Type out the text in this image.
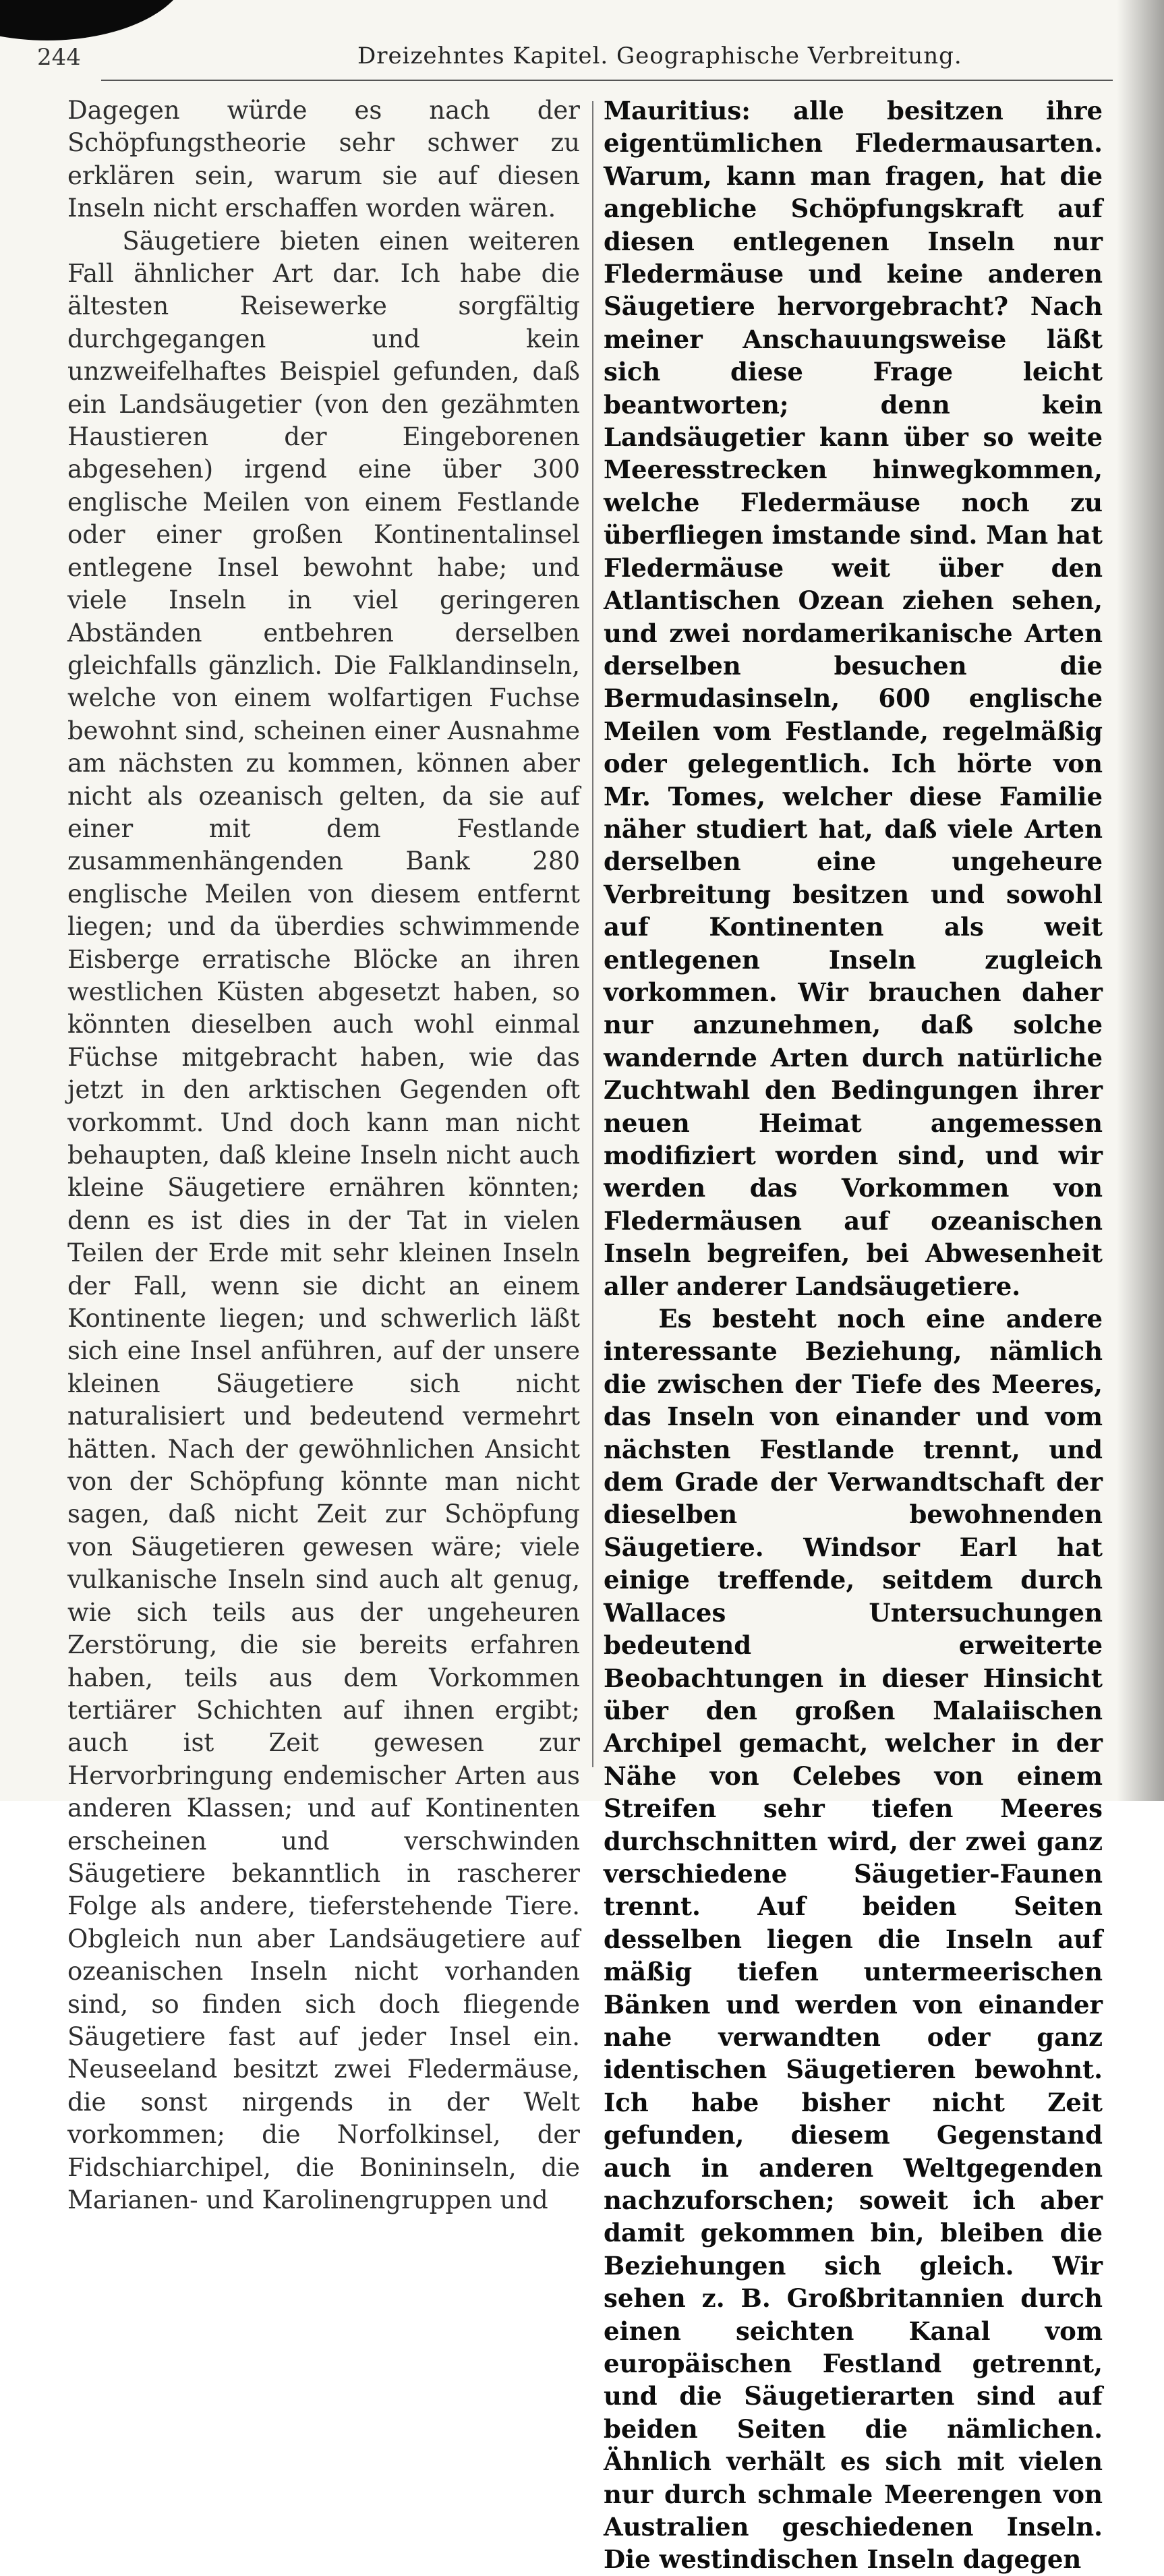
244	Dreizehntes Kapitel. Geographische Verbreitung.

Dagegen würde es nach der Schöpfungstheorie sehr schwer zu erklären sein, warum sie auf diesen Inseln nicht erschaffen worden wären.

Säugetiere bieten einen weiteren Fall ähnlicher Art dar. Ich habe die ältesten Reisewerke sorgfältig durchgegangen und kein unzweifelhaftes Beispiel gefunden, daß ein Landsäugetier (von den gezähmten Haustieren der Eingeborenen abgesehen) irgend eine über 300 englische Meilen von einem Festlande oder einer großen Kontinentalinsel entlegene Insel bewohnt habe; und viele Inseln in viel geringeren Abständen entbehren derselben gleichfalls gänzlich. Die Falklandinseln, welche von einem wolfartigen Fuchse bewohnt sind, scheinen einer Ausnahme am nächsten zu kommen, können aber nicht als ozeanisch gelten, da sie auf einer mit dem Festlande zusammenhängenden Bank 280 englische Meilen von diesem entfernt liegen; und da überdies schwimmende Eisberge erratische Blöcke an ihren westlichen Küsten abgesetzt haben, so könnten dieselben auch wohl einmal Füchse mitgebracht haben, wie das jetzt in den arktischen Gegenden oft vorkommt. Und doch kann man nicht behaupten, daß kleine Inseln nicht auch kleine Säugetiere ernähren könnten; denn es ist dies in der Tat in vielen Teilen der Erde mit sehr kleinen Inseln der Fall, wenn sie dicht an einem Kontinente liegen; und schwerlich läßt sich eine Insel anführen, auf der unsere kleinen Säugetiere sich nicht naturalisiert und bedeutend vermehrt hätten. Nach der gewöhnlichen Ansicht von der Schöpfung könnte man nicht sagen, daß nicht Zeit zur Schöpfung von Säugetieren gewesen wäre; viele vulkanische Inseln sind auch alt genug, wie sich teils aus der ungeheuren Zerstörung, die sie bereits erfahren haben, teils aus dem Vorkommen tertiärer Schichten auf ihnen ergibt; auch ist Zeit gewesen zur Hervorbringung endemischer Arten aus anderen Klassen; und auf Kontinenten erscheinen und verschwinden Säugetiere bekanntlich in rascherer Folge als andere, tieferstehende Tiere. Obgleich nun aber Landsäugetiere auf ozeanischen Inseln nicht vorhanden sind, so finden sich doch fliegende Säugetiere fast auf jeder Insel ein. Neuseeland besitzt zwei Fledermäuse, die sonst nirgends in der Welt vorkommen; die Norfolkinsel, der Fidschiarchipel, die Bonininseln, die Marianen- und Karolinengruppen und

Mauritius: alle besitzen ihre eigentümlichen Fledermausarten. Warum, kann man fragen, hat die angebliche Schöpfungskraft auf diesen entlegenen Inseln nur Fledermäuse und keine anderen Säugetiere hervorgebracht? Nach meiner Anschauungsweise läßt sich diese Frage leicht beantworten; denn kein Landsäugetier kann über so weite Meeresstrecken hinwegkommen, welche Fledermäuse noch zu überfliegen imstande sind. Man hat Fledermäuse weit über den Atlantischen Ozean ziehen sehen, und zwei nordamerikanische Arten derselben besuchen die Bermudasinseln, 600 englische Meilen vom Festlande, regelmäßig oder gelegentlich. Ich hörte von Mr. Tomes, welcher diese Familie näher studiert hat, daß viele Arten derselben eine ungeheure Verbreitung besitzen und sowohl auf Kontinenten als weit entlegenen Inseln zugleich vorkommen. Wir brauchen daher nur anzunehmen, daß solche wandernde Arten durch natürliche Zuchtwahl den Bedingungen ihrer neuen Heimat angemessen modifiziert worden sind, und wir werden das Vorkommen von Fledermäusen auf ozeanischen Inseln begreifen, bei Abwesenheit aller anderer Landsäugetiere.

Es besteht noch eine andere interessante Beziehung, nämlich die zwischen der Tiefe des Meeres, das Inseln von einander und vom nächsten Festlande trennt, und dem Grade der Verwandtschaft der dieselben bewohnenden Säugetiere. Windsor Earl hat einige treffende, seitdem durch Wallaces Untersuchungen bedeutend erweiterte Beobachtungen in dieser Hinsicht über den großen Malaiischen Archipel gemacht, welcher in der Nähe von Celebes von einem Streifen sehr tiefen Meeres durchschnitten wird, der zwei ganz verschiedene Säugetier-Faunen trennt. Auf beiden Seiten desselben liegen die Inseln auf mäßig tiefen untermeerischen Bänken und werden von einander nahe verwandten oder ganz identischen Säugetieren bewohnt. Ich habe bisher nicht Zeit gefunden, diesem Gegenstand auch in anderen Weltgegenden nachzuforschen; soweit ich aber damit gekommen bin, bleiben die Beziehungen sich gleich. Wir sehen z. B. Großbritannien durch einen seichten Kanal vom europäischen Festland getrennt, und die Säugetierarten sind auf beiden Seiten die nämlichen. Ähnlich verhält es sich mit vielen nur durch schmale Meerengen von Australien geschiedenen Inseln. Die westindischen Inseln dagegen
